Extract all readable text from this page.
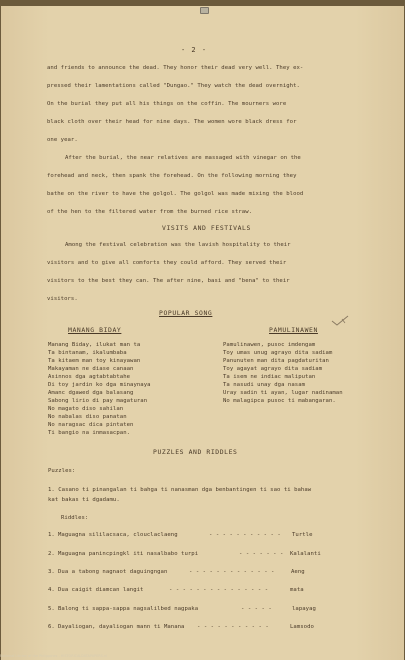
- 2 -
and friends to announce the dead. They honor their dead very well. They ex-
pressed their lamentations called "Dungao." They watch the dead overnight.
On the burial they put all his things on the coffin. The mourners wore
black cloth over their head for nine days. The women wore black dress for
one year.
After the burial, the near relatives are massaged with vinegar on the
forehead and neck, then spank the forehead. On the following morning they
bathe on the river to have the golgol. The golgol was made mixing the blood
of the hen to the filtered water from the burned rice straw.
VISITS AND FESTIVALS
Among the festival celebration was the lavish hospitality to their
visitors and to give all comforts they could afford. They served their
visitors to the best they can. The after nine, basi and "bena" to their
visitors.
POPULAR SONG
MANANG BIDAY	PAMULINAWEN
Manang Biday, ilukat man ta
Ta bintanam, ikalumbaba
Ta kitaem man toy kinayawan
Makayaman ne diase canaan
Asinnos dga agtabtabtahe
Di toy jardin ko dga minaynaya
Amanc dgawed dga balasang
Sabong lirio di pay magaturan
No magato diso sahilan
No nabalas diso panatan
No naragsac dica pintaten
Ti bangio na inmasacpan.
Pamulinawen, pusoc imdengam
Toy umas unug agrayo dita sadiam
Panunuten man dita pagdaturitan
Toy agayat agrayo dita sadiam
Ta isem ne indiac maliputan
Ta nasudi unay dga nasam
Uray sadin ti ayan, lugar nadinaman
No malagipca pusoc ti mabangaran.
PUZZLES AND RIDDLES
Puzzles:
1. Casano ti pinangalan ti bahga ti nanasman dga benbantingen ti sao ti bahaw
kat bakas ti dgadamu.
Riddles:
1. Maguagna sililacsaca, clouclaclaeng	- - - - - - - - - - - Turtle
2. Maguagna panincpingkl iti nasalbabo turpi	- - - - - - - Kalalanti
3. Dua a tabong nagnaot daguingngan	- - - - - - - - - - - - -	Aeng
4. Dua caigit diamcan langit	- - - - - - - - - - - - - - -	mata
5. Balong ti sappa-sappa nagsalilbed nagpaka	- - - - -	lapayag
6. Dayaliogan, dayaliogan mann ti Manana - - - - - - - - - - -	Lamsodo
National Library of the Philippines - HISTORICALDATAPAPERS.nl
